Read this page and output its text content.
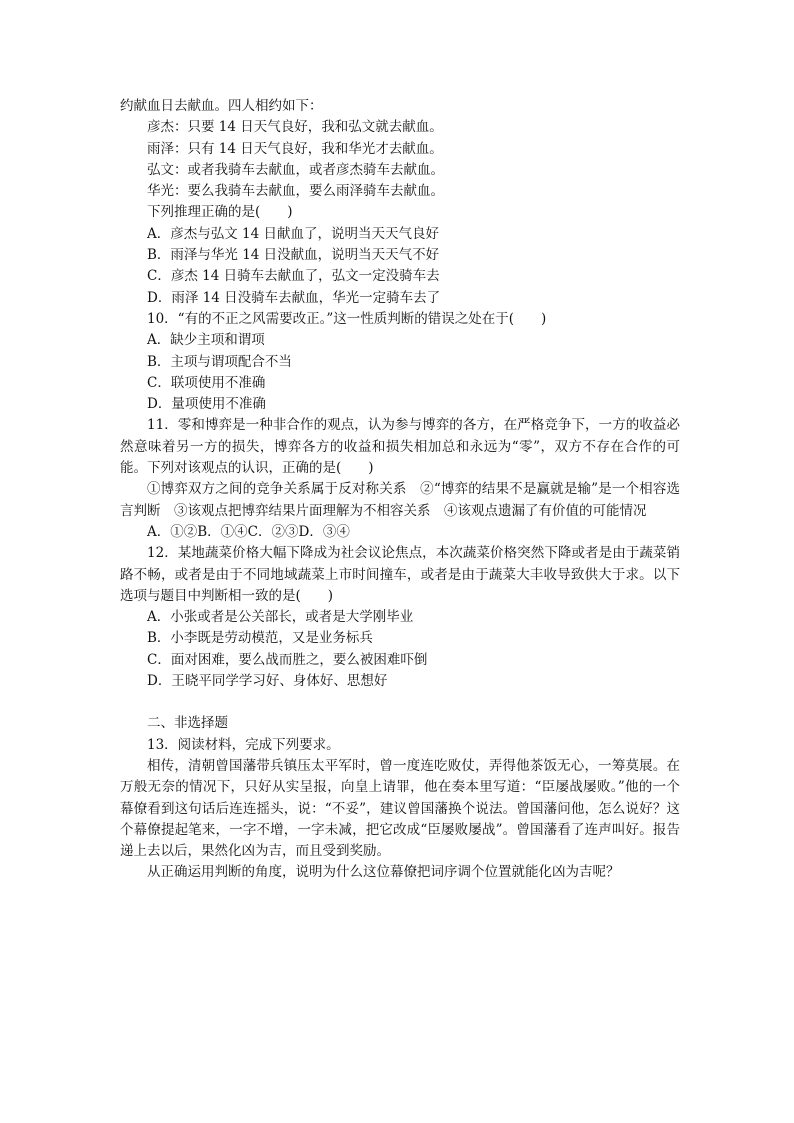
约献血日去献血。四人相约如下：
彦杰：只要 14 日天气良好，我和弘文就去献血。
雨泽：只有 14 日天气良好，我和华光才去献血。
弘文：或者我骑车去献血，或者彦杰骑车去献血。
华光：要么我骑车去献血，要么雨泽骑车去献血。
下列推理正确的是(　　)
A．彦杰与弘文 14 日献血了，说明当天天气良好
B．雨泽与华光 14 日没献血，说明当天天气不好
C．彦杰 14 日骑车去献血了，弘文一定没骑车去
D．雨泽 14 日没骑车去献血，华光一定骑车去了
10．“有的不正之风需要改正。”这一性质判断的错误之处在于(　　)
A．缺少主项和谓项
B．主项与谓项配合不当
C．联项使用不准确
D．量项使用不准确
11．零和博弈是一种非合作的观点，认为参与博弈的各方，在严格竞争下，一方的收益必然意味着另一方的损失，博弈各方的收益和损失相加总和永远为“零”，双方不存在合作的可能。下列对该观点的认识，正确的是(　　)
①博弈双方之间的竞争关系属于反对称关系　②“博弈的结果不是赢就是输”是一个相容选言判断　③该观点把博弈结果片面理解为不相容关系　④该观点遗漏了有价值的可能情况
A．①②B．①④C．②③D．③④
12．某地蔬菜价格大幅下降成为社会议论焦点，本次蔬菜价格突然下降或者是由于蔬菜销路不畅，或者是由于不同地域蔬菜上市时间撞车，或者是由于蔬菜大丰收导致供大于求。以下选项与题目中判断相一致的是(　　)
A．小张或者是公关部长，或者是大学刚毕业
B．小李既是劳动模范，又是业务标兵
C．面对困难，要么战而胜之，要么被困难吓倒
D．王晓平同学学习好、身体好、思想好
二、非选择题
13．阅读材料，完成下列要求。
相传，清朝曾国藩带兵镇压太平军时，曾一度连吃败仗，弄得他茶饭无心，一筹莫展。在万般无奈的情况下，只好从实呈报，向皇上请罪，他在奏本里写道：“臣屡战屡败。”他的一个幕僚看到这句话后连连摇头，说：“不妥”，建议曾国藩换个说法。曾国藩问他，怎么说好？这个幕僚提起笔来，一字不增，一字未减，把它改成“臣屡败屡战”。曾国藩看了连声叫好。报告递上去以后，果然化凶为吉，而且受到奖励。
从正确运用判断的角度，说明为什么这位幕僚把词序调个位置就能化凶为吉呢？
